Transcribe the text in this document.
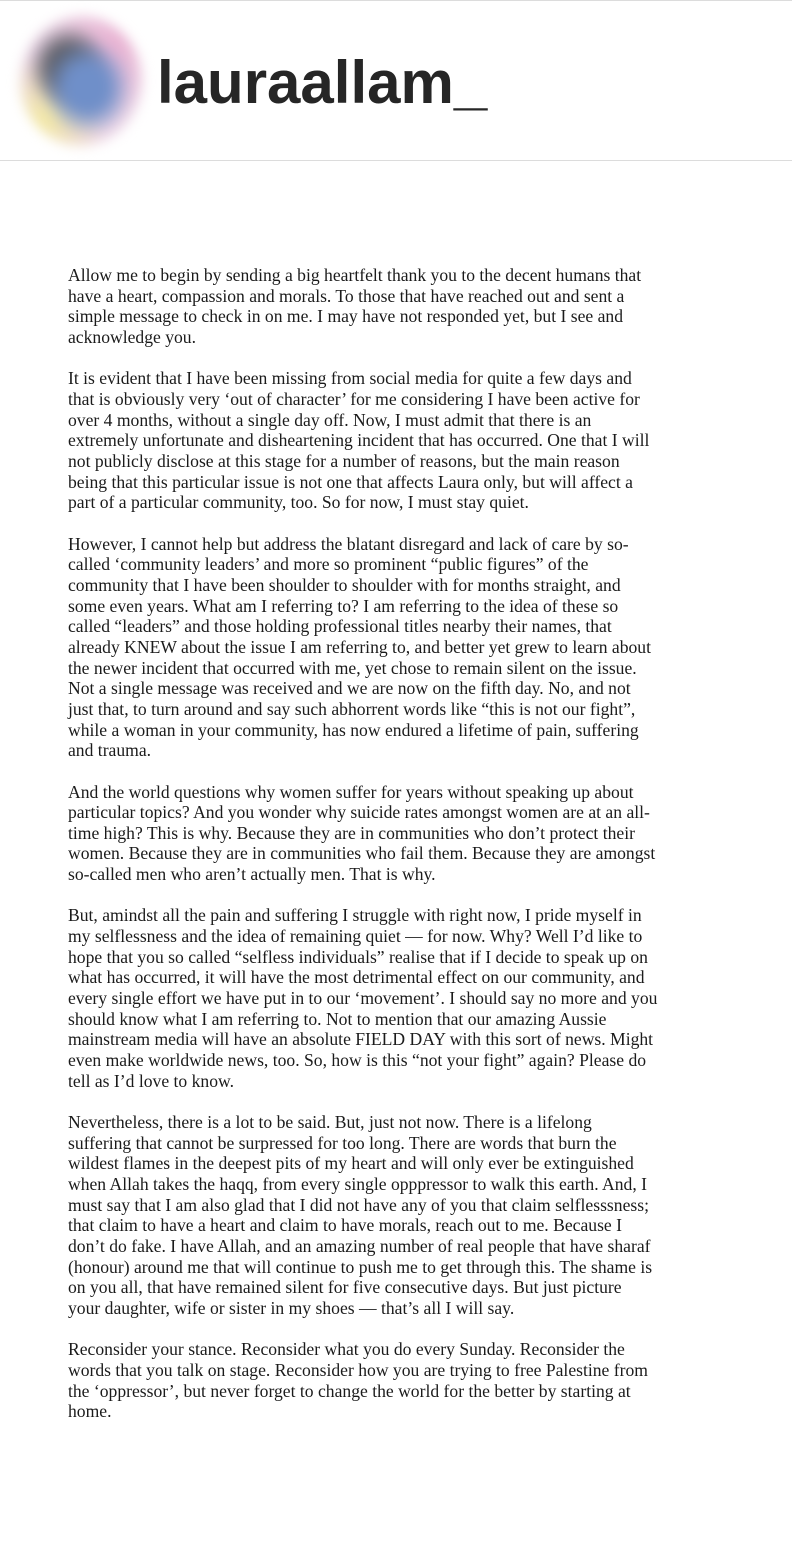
lauraallam_

Allow me to begin by sending a big heartfelt thank you to the decent humans that have a heart, compassion and morals. To those that have reached out and sent a simple message to check in on me. I may have not responded yet, but I see and acknowledge you.

It is evident that I have been missing from social media for quite a few days and that is obviously very ‘out of character’ for me considering I have been active for over 4 months, without a single day off. Now, I must admit that there is an extremely unfortunate and disheartening incident that has occurred. One that I will not publicly disclose at this stage for a number of reasons, but the main reason being that this particular issue is not one that affects Laura only, but will affect a part of a particular community, too. So for now, I must stay quiet.

However, I cannot help but address the blatant disregard and lack of care by so-called ‘community leaders’ and more so prominent “public figures” of the community that I have been shoulder to shoulder with for months straight, and some even years. What am I referring to? I am referring to the idea of these so called “leaders” and those holding professional titles nearby their names, that already KNEW about the issue I am referring to, and better yet grew to learn about the newer incident that occurred with me, yet chose to remain silent on the issue. Not a single message was received and we are now on the fifth day. No, and not just that, to turn around and say such abhorrent words like “this is not our fight”, while a woman in your community, has now endured a lifetime of pain, suffering and trauma.

And the world questions why women suffer for years without speaking up about particular topics? And you wonder why suicide rates amongst women are at an all-time high? This is why. Because they are in communities who don’t protect their women. Because they are in communities who fail them. Because they are amongst so-called men who aren’t actually men. That is why.

But, amindst all the pain and suffering I struggle with right now, I pride myself in my selflessness and the idea of remaining quiet — for now. Why? Well I’d like to hope that you so called “selfless individuals” realise that if I decide to speak up on what has occurred, it will have the most detrimental effect on our community, and every single effort we have put in to our ‘movement’. I should say no more and you should know what I am referring to. Not to mention that our amazing Aussie mainstream media will have an absolute FIELD DAY with this sort of news. Might even make worldwide news, too. So, how is this “not your fight” again? Please do tell as I’d love to know.

Nevertheless, there is a lot to be said. But, just not now. There is a lifelong suffering that cannot be surpressed for too long. There are words that burn the wildest flames in the deepest pits of my heart and will only ever be extinguished when Allah takes the haqq, from every single opppressor to walk this earth. And, I must say that I am also glad that I did not have any of you that claim selflesssness; that claim to have a heart and claim to have morals, reach out to me. Because I don’t do fake. I have Allah, and an amazing number of real people that have sharaf (honour) around me that will continue to push me to get through this. The shame is on you all, that have remained silent for five consecutive days. But just picture your daughter, wife or sister in my shoes — that’s all I will say.

Reconsider your stance. Reconsider what you do every Sunday. Reconsider the words that you talk on stage. Reconsider how you are trying to free Palestine from the ‘oppressor’, but never forget to change the world for the better by starting at home.
